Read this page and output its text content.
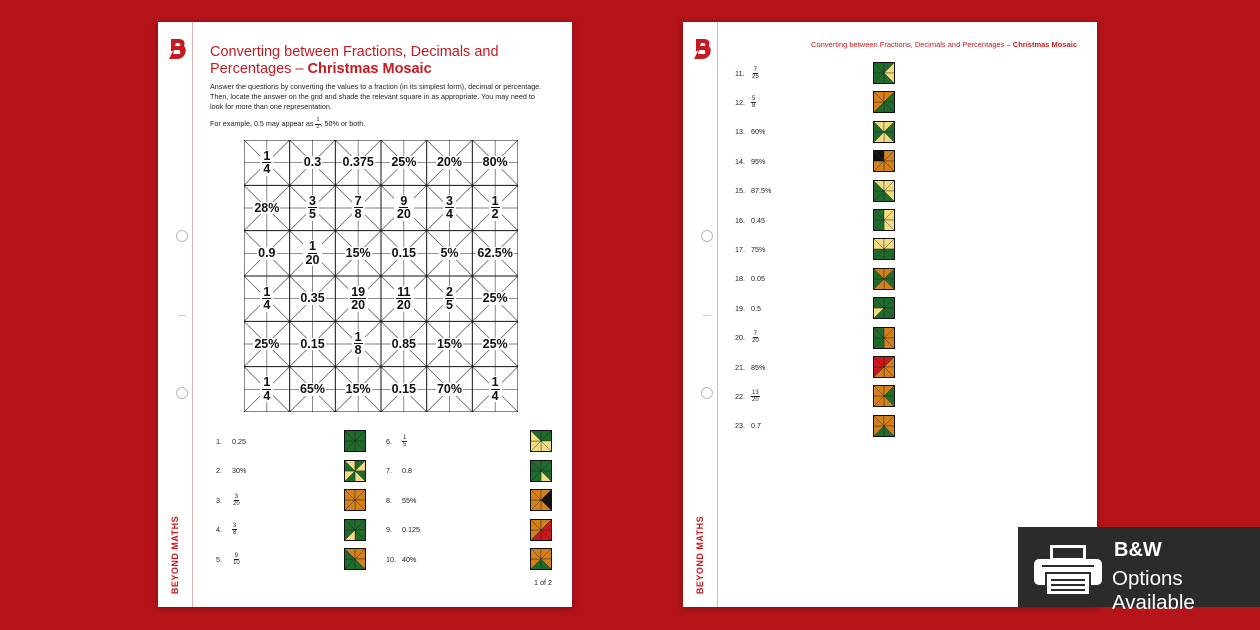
BEYOND MATHS
Converting between Fractions, Decimals and Percentages – Christmas Mosaic
Answer the questions by converting the values to a fraction (in its simplest form), decimal or percentage. Then, locate the answer on the grid and shade the relevant square in as appropriate. You may need to look for more than one representation.
For example, 0.5 may appear as $\frac{1}{2}$ , 50% or both.
$\frac{1}{4}$	0.3 0.375 25% 20% 80%
$28\% \frac{3}{5}$	$\frac{7}{8}$	$\frac{9}{20} \frac{3}{4}$	$\frac{1}{2}$
$0.9 \frac{1}{20} 15\%$ 0.15 5% 62.5%
$\frac{1}{4} 0.35 \frac{19}{20} \frac{11}{20} \frac{2}{5} 25\%$
25% $0.15 \frac{1}{8} 0.85$ 15% 25%
$\frac{1}{4} 65\%$ 15% 0.15 $70\% \frac{1}{4}$
1.	0.25
2.	30%
3.	$\frac{3}{20}$
4.	$\frac{3}{8}$
5.	$\frac{9}{10}$
6.	$\frac{1}{5}$
7.	0.8
8.	55%
9.	0.125
10. 40%
1 of 2	BEYOND MATHS
Converting between Fractions, Decimals and Percentages – Christmas Mosaic
11.	$\frac{7}{25}$
12.	$\frac{5}{8}$
13. 60%
14. 95%
15. 87.5%
16. 0.45
17. 75%
18. 0.05
19. 0.5
20.	$\frac{7}{20}$
21. 85%
22.	$\frac{13}{20}$
23. 0.7
B&W
Options Available
